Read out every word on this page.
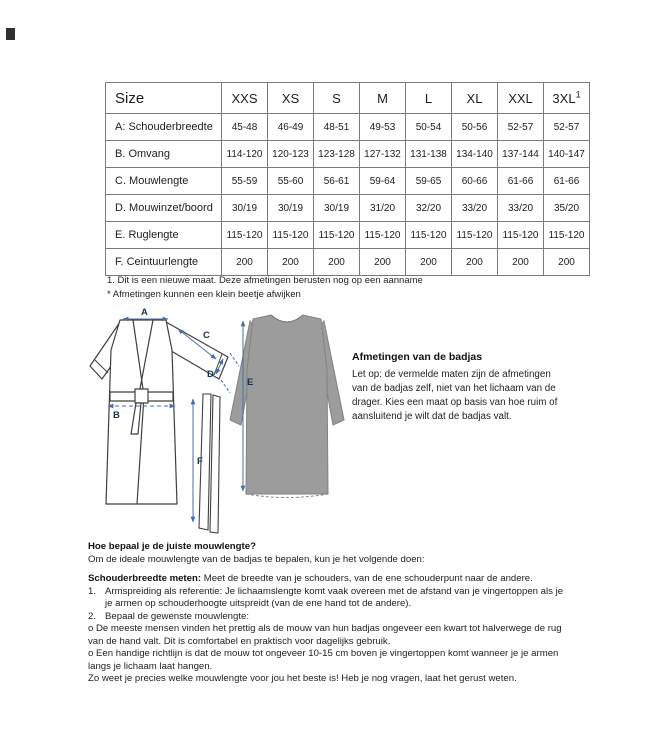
Size	XXS	XS	S	M	L	XL	XXL	3XL$^1$
A: Schouderbreedte	45-48	46-49	48-51	49-53	50-54	50-56	52-57	52-57
B. Omvang	114-120	120-123	123-128	127-132	131-138	134-140	137-144	140-147
C. Mouwlengte	55-59	55-60	56-61	59-64	59-65	60-66	61-66	61-66
D. Mouwinzet/boord	30/19	30/19	30/19	31/20	32/20	33/20	33/20	35/20
E. Ruglengte	115-120	115-120	115-120	115-120	115-120	115-120	115-120	115-120
F. Ceintuurlengte	200	200	200	200	200	200	200	200

1. Dit is een nieuwe maat. Deze afmetingen berusten nog op een aanname

* Afmetingen kunnen een klein beetje afwijken

A
B
C
D
E
F
Afmetingen van de badjas

Let op: de vermelde maten zijn de afmetingen van de badjas zelf, niet van het lichaam van de drager. Kies een maat op basis van hoe ruim of aansluitend je wilt dat de badjas valt.

Hoe bepaal je de juiste mouwlengte?

Om de ideale mouwlengte van de badjas te bepalen, kun je het volgende doen:

Schouderbreedte meten: Meet de breedte van je schouders, van de ene schouderpunt naar de andere.

1. Armspreiding als referentie: Je lichaamslengte komt vaak overeen met de afstand van je vingertoppen als je je armen op schouderhoogte uitspreidt (van de ene hand tot de andere).
2. Bepaal de gewenste mouwlengte:

o De meeste mensen vinden het prettig als de mouw van hun badjas ongeveer een kwart tot halverwege de rug van de hand valt. Dit is comfortabel en praktisch voor dagelijks gebruik.

o Een handige richtlijn is dat de mouw tot ongeveer 10-15 cm boven je vingertoppen komt wanneer je je armen langs je lichaam laat hangen.

Zo weet je precies welke mouwlengte voor jou het beste is! Heb je nog vragen, laat het gerust weten.
